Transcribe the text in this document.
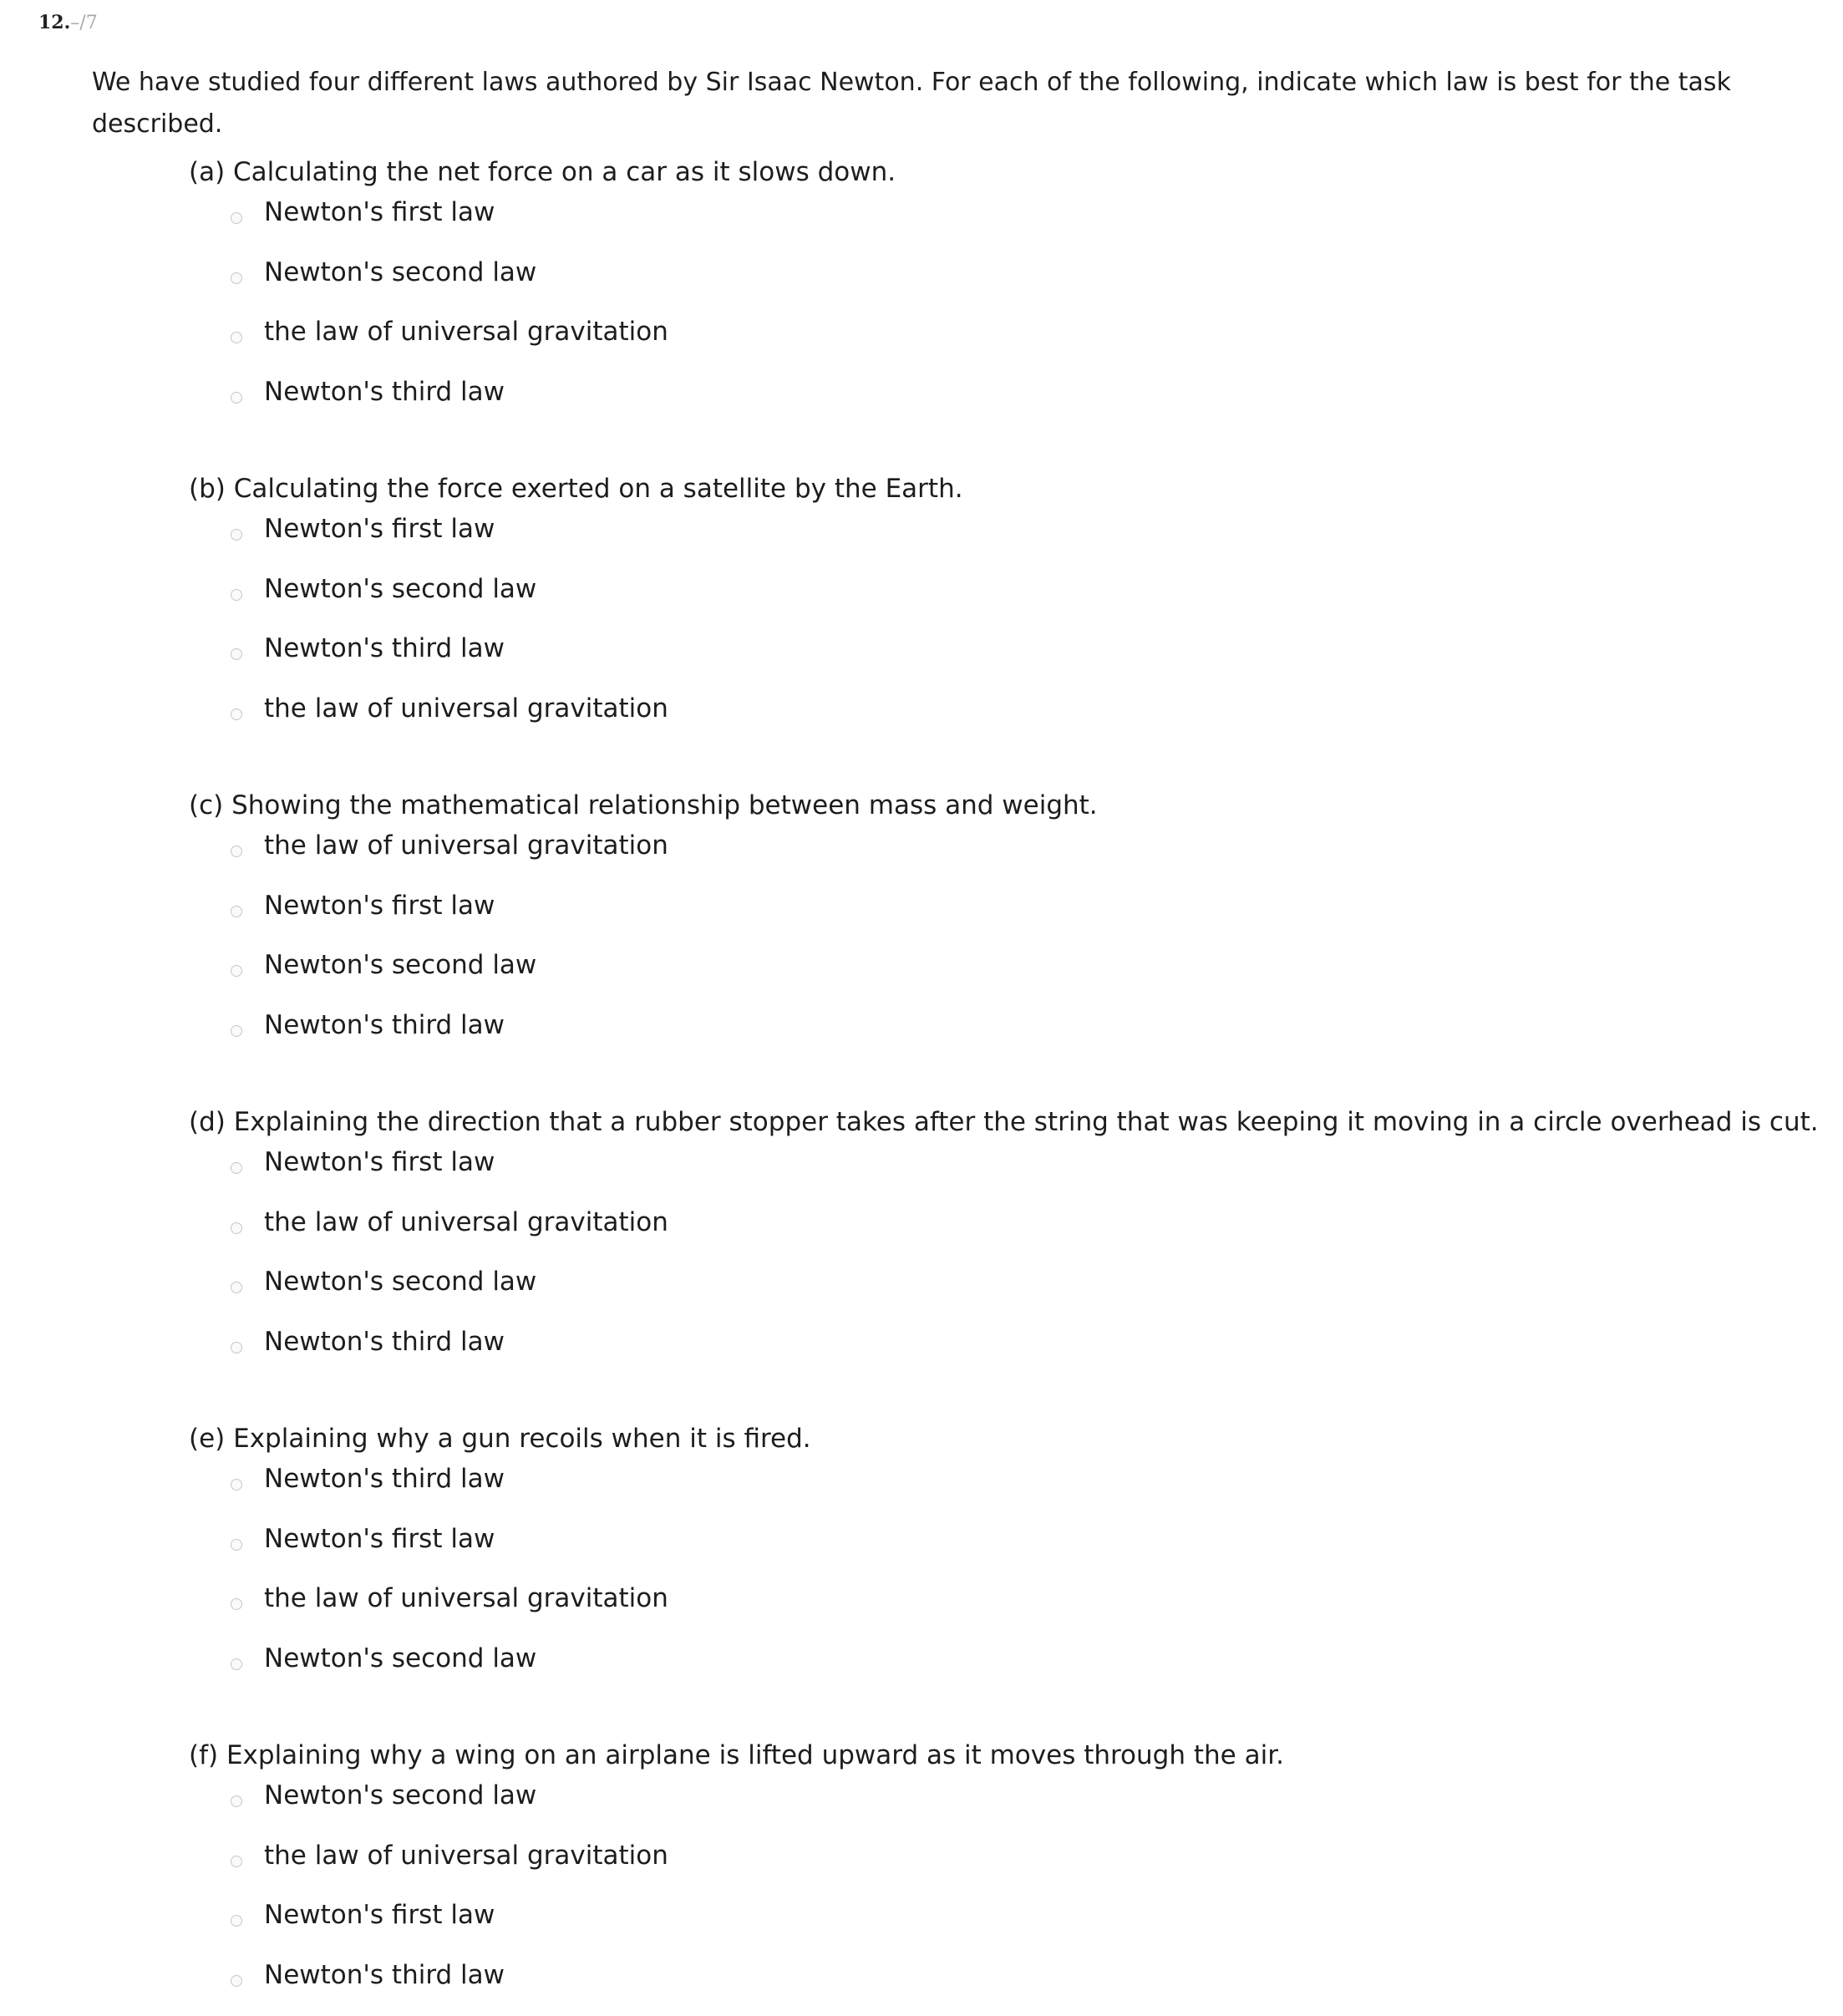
12.–/7
We have studied four different laws authored by Sir Isaac Newton. For each of the following, indicate which law is best for the task described.
(a) Calculating the net force on a car as it slows down.
Newton's first law
Newton's second law
the law of universal gravitation
Newton's third law
(b) Calculating the force exerted on a satellite by the Earth.
Newton's first law
Newton's second law
Newton's third law
the law of universal gravitation
(c) Showing the mathematical relationship between mass and weight.
the law of universal gravitation
Newton's first law
Newton's second law
Newton's third law
(d) Explaining the direction that a rubber stopper takes after the string that was keeping it moving in a circle overhead is cut.
Newton's first law
the law of universal gravitation
Newton's second law
Newton's third law
(e) Explaining why a gun recoils when it is fired.
Newton's third law
Newton's first law
the law of universal gravitation
Newton's second law
(f) Explaining why a wing on an airplane is lifted upward as it moves through the air.
Newton's second law
the law of universal gravitation
Newton's first law
Newton's third law
